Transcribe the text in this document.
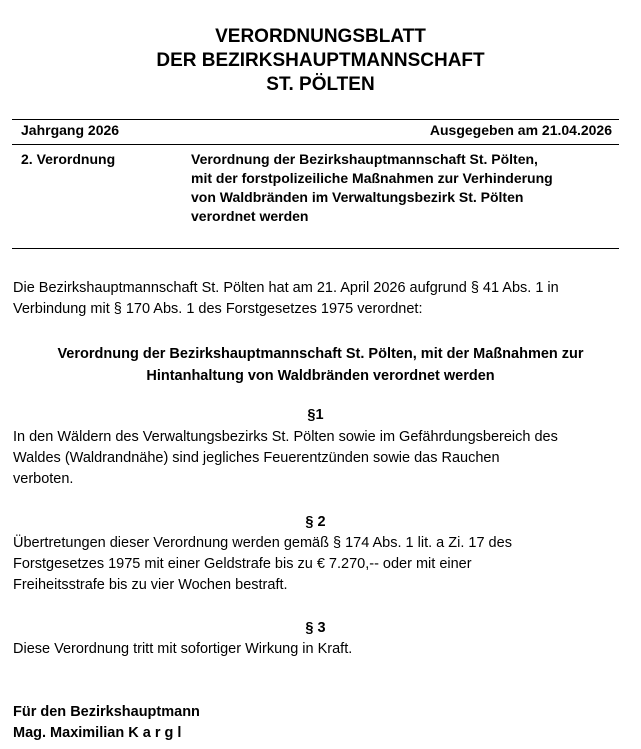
VERORDNUNGSBLATT
DER BEZIRKSHAUPTMANNSCHAFT
ST. PÖLTEN
Jahrgang 2026	Ausgegeben am 21.04.2026
2. Verordnung	Verordnung der Bezirkshauptmannschaft St. Pölten,
mit der forstpolizeiliche Maßnahmen zur Verhinderung
von Waldbränden im Verwaltungsbezirk St. Pölten
verordnet werden
Die Bezirkshauptmannschaft St. Pölten hat am 21. April 2026 aufgrund § 41 Abs. 1 in
Verbindung mit § 170 Abs. 1 des Forstgesetzes 1975 verordnet:
Verordnung der Bezirkshauptmannschaft St. Pölten, mit der Maßnahmen zur
Hintanhaltung von Waldbränden verordnet werden
§1
In den Wäldern des Verwaltungsbezirks St. Pölten sowie im Gefährdungsbereich des
Waldes (Waldrandnähe) sind jegliches Feuerentzünden sowie das Rauchen
verboten.
§ 2
Übertretungen dieser Verordnung werden gemäß § 174 Abs. 1 lit. a Zi. 17 des
Forstgesetzes 1975 mit einer Geldstrafe bis zu € 7.270,-- oder mit einer
Freiheitsstrafe bis zu vier Wochen bestraft.
§ 3
Diese Verordnung tritt mit sofortiger Wirkung in Kraft.
Für den Bezirkshauptmann
Mag. Maximilian K a r g l
